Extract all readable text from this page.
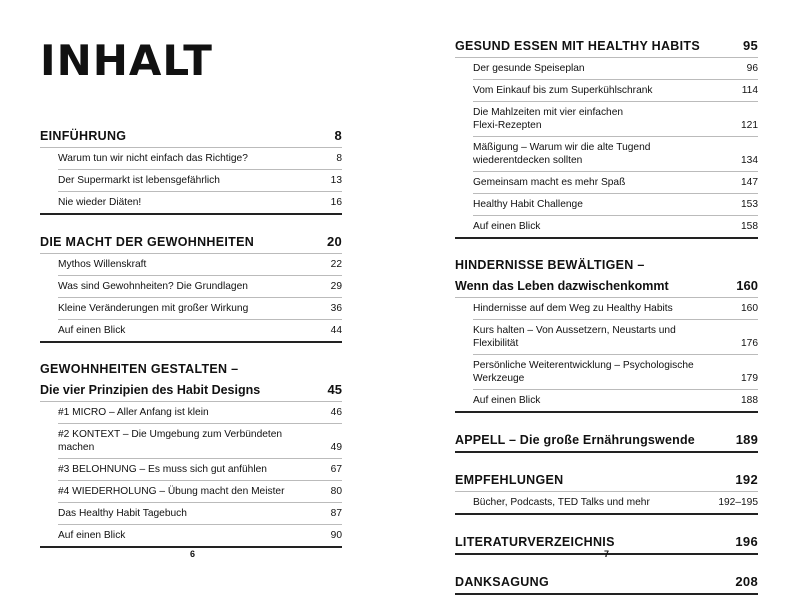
INHALT
EINFÜHRUNG	8
Warum tun wir nicht einfach das Richtige?	8
Der Supermarkt ist lebensgefährlich	13
Nie wieder Diäten!	16
DIE MACHT DER GEWOHNHEITEN	20
Mythos Willenskraft	22
Was sind Gewohnheiten? Die Grundlagen	29
Kleine Veränderungen mit großer Wirkung	36
Auf einen Blick	44
GEWOHNHEITEN GESTALTEN –
Die vier Prinzipien des Habit Designs	45
#1 MICRO – Aller Anfang ist klein	46
#2 KONTEXT – Die Umgebung zum Verbündeten machen	49
#3 BELOHNUNG – Es muss sich gut anfühlen	67
#4 WIEDERHOLUNG – Übung macht den Meister	80
Das Healthy Habit Tagebuch	87
Auf einen Blick	90
6
GESUND ESSEN MIT HEALTHY HABITS	95
Der gesunde Speiseplan	96
Vom Einkauf bis zum Superkühlschrank	114
Die Mahlzeiten mit vier einfachen Flexi-Rezepten	121
Mäßigung – Warum wir die alte Tugend wiederentdecken sollten	134
Gemeinsam macht es mehr Spaß	147
Healthy Habit Challenge	153
Auf einen Blick	158
HINDERNISSE BEWÄLTIGEN –
Wenn das Leben dazwischenkommt	160
Hindernisse auf dem Weg zu Healthy Habits	160
Kurs halten – Von Aussetzern, Neustarts und Flexibilität	176
Persönliche Weiterentwicklung – Psychologische Werkzeuge	179
Auf einen Blick	188
APPELL – Die große Ernährungswende	189
EMPFEHLUNGEN	192
Bücher, Podcasts, TED Talks und mehr	192–195
LITERATURVERZEICHNIS	196
DANKSAGUNG	208
7
